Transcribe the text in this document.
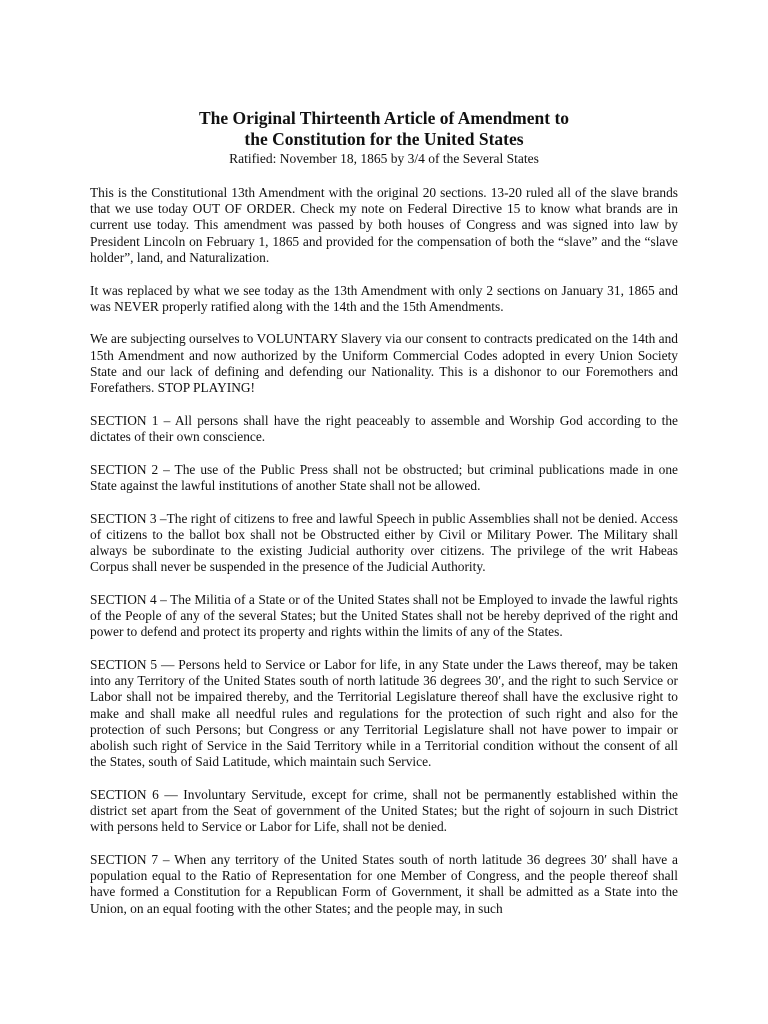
The Original Thirteenth Article of Amendment to
the Constitution for the United States

Ratified: November 18, 1865 by 3/4 of the Several States

This is the Constitutional 13th Amendment with the original 20 sections. 13-20 ruled all of the slave brands that we use today OUT OF ORDER. Check my note on Federal Directive 15 to know what brands are in current use today. This amendment was passed by both houses of Congress and was signed into law by President Lincoln on February 1, 1865 and provided for the compensation of both the “slave” and the “slave holder”, land, and Naturalization.

It was replaced by what we see today as the 13th Amendment with only 2 sections on January 31, 1865 and was NEVER properly ratified along with the 14th and the 15th Amendments.

We are subjecting ourselves to VOLUNTARY Slavery via our consent to contracts predicated on the 14th and 15th Amendment and now authorized by the Uniform Commercial Codes adopted in every Union Society State and our lack of defining and defending our Nationality. This is a dishonor to our Foremothers and Forefathers. STOP PLAYING!

SECTION 1 – All persons shall have the right peaceably to assemble and Worship God according to the dictates of their own conscience.

SECTION 2 – The use of the Public Press shall not be obstructed; but criminal publications made in one State against the lawful institutions of another State shall not be allowed.

SECTION 3 –The right of citizens to free and lawful Speech in public Assemblies shall not be denied. Access of citizens to the ballot box shall not be Obstructed either by Civil or Military Power. The Military shall always be subordinate to the existing Judicial authority over citizens. The privilege of the writ Habeas Corpus shall never be suspended in the presence of the Judicial Authority.

SECTION 4 – The Militia of a State or of the United States shall not be Employed to invade the lawful rights of the People of any of the several States; but the United States shall not be hereby deprived of the right and power to defend and protect its property and rights within the limits of any of the States.

SECTION 5 — Persons held to Service or Labor for life, in any State under the Laws thereof, may be taken into any Territory of the United States south of north latitude 36 degrees 30′, and the right to such Service or Labor shall not be impaired thereby, and the Territorial Legislature thereof shall have the exclusive right to make and shall make all needful rules and regulations for the protection of such right and also for the protection of such Persons; but Congress or any Territorial Legislature shall not have power to impair or abolish such right of Service in the Said Territory while in a Territorial condition without the consent of all the States, south of Said Latitude, which maintain such Service.

SECTION 6 — Involuntary Servitude, except for crime, shall not be permanently established within the district set apart from the Seat of government of the United States; but the right of sojourn in such District with persons held to Service or Labor for Life, shall not be denied.

SECTION 7 – When any territory of the United States south of north latitude 36 degrees 30′ shall have a population equal to the Ratio of Representation for one Member of Congress, and the people thereof shall have formed a Constitution for a Republican Form of Government, it shall be admitted as a State into the Union, on an equal footing with the other States; and the people may, in such
